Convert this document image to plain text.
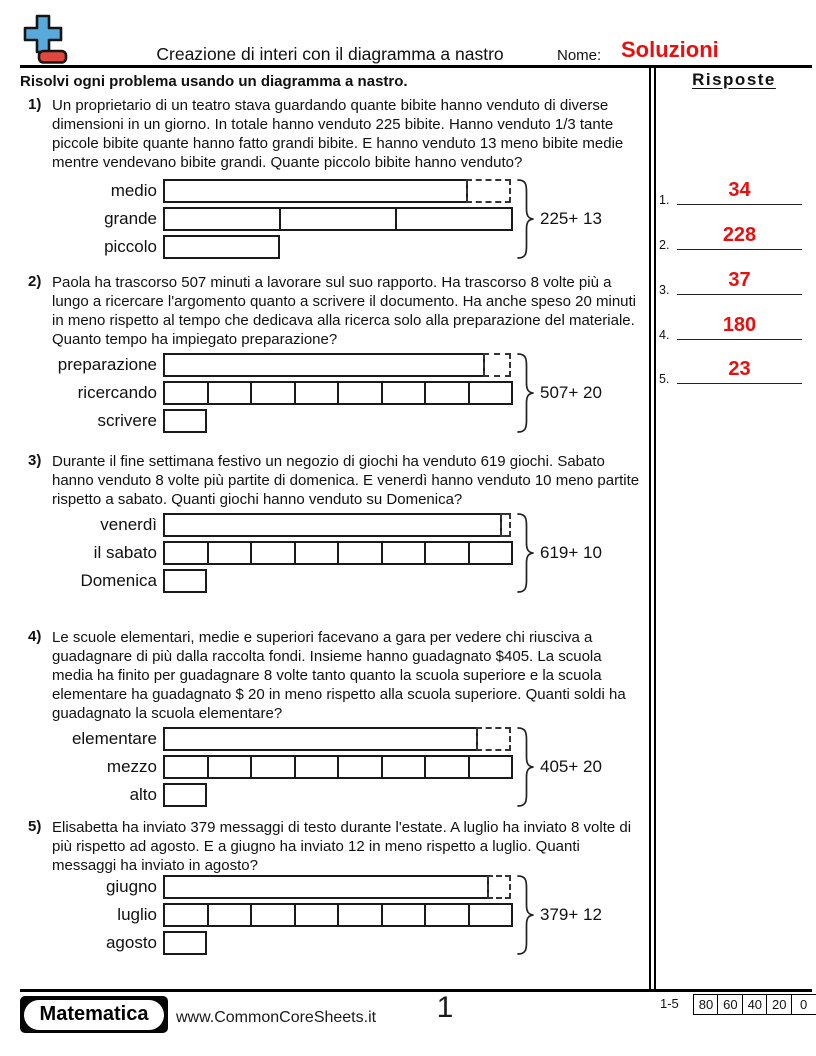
Creazione di interi con il diagramma a nastro	Nome: Soluzioni
Risolvi ogni problema usando un diagramma a nastro.	Risposte
1.	34
2.	228
3.	37
4.	180
5.	23
1) Un proprietario di un teatro stava guardando quante bibite hanno venduto di diverse dimensioni in un giorno. In totale hanno venduto 225 bibite. Hanno venduto 1/3 tante piccole bibite quante hanno fatto grandi bibite. E hanno venduto 13 meno bibite medie mentre vendevano bibite grandi. Quante piccolo bibite hanno venduto?
medio
grande
piccolo
225+ 13
2) Paola ha trascorso 507 minuti a lavorare sul suo rapporto. Ha trascorso 8 volte più a lungo a ricercare l'argomento quanto a scrivere il documento. Ha anche speso 20 minuti in meno rispetto al tempo che dedicava alla ricerca solo alla preparazione del materiale. Quanto tempo ha impiegato preparazione?
preparazione
ricercando
scrivere
507+ 20
3) Durante il fine settimana festivo un negozio di giochi ha venduto 619 giochi. Sabato hanno venduto 8 volte più partite di domenica. E venerdì hanno venduto 10 meno partite rispetto a sabato. Quanti giochi hanno venduto su Domenica?
venerdì
il sabato
Domenica
619+ 10
4) Le scuole elementari, medie e superiori facevano a gara per vedere chi riusciva a guadagnare di più dalla raccolta fondi. Insieme hanno guadagnato $405. La scuola media ha finito per guadagnare 8 volte tanto quanto la scuola superiore e la scuola elementare ha guadagnato $ 20 in meno rispetto alla scuola superiore. Quanti soldi ha guadagnato la scuola elementare?
elementare
mezzo
alto
405+ 20
5) Elisabetta ha inviato 379 messaggi di testo durante l'estate. A luglio ha inviato 8 volte di più rispetto ad agosto. E a giugno ha inviato 12 in meno rispetto a luglio. Quanti messaggi ha inviato in agosto?
giugno
luglio
agosto
379+ 12
Matematica	www.CommonCoreSheets.it	1	1-5	80 60 40 20	0
